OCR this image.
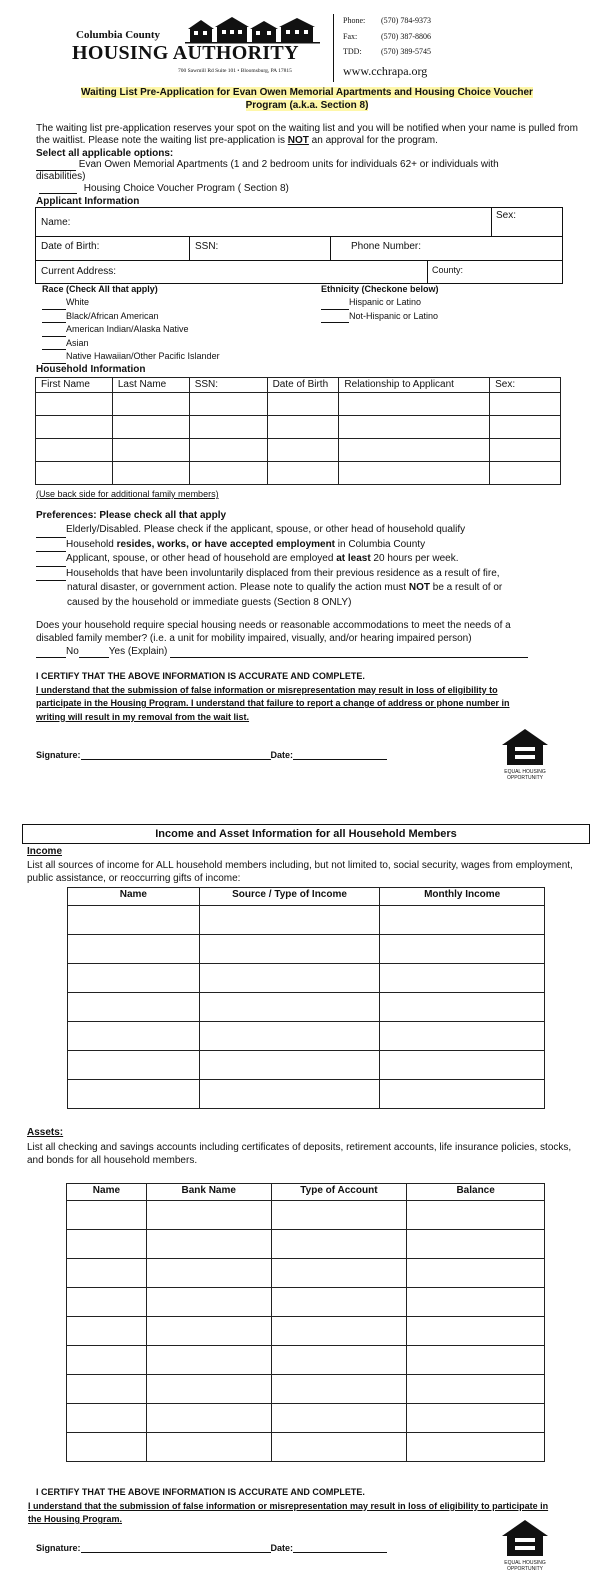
Columbia County
HOUSING AUTHORITY
700 Sawmill Rd Suite 101 • Bloomsburg, PA 17815
Phone: (570) 784-9373
Fax:	(570) 387-8806
TDD: (570) 389-5745
www.cchrapa.org
Waiting List Pre-Application for Evan Owen Memorial Apartments and Housing Choice Voucher
Program (a.k.a. Section 8)
The waiting list pre-application reserves your spot on the waiting list and you will be notified when your name is pulled from the waitlist. Please note the waiting list pre-application is NOT an approval for the program.
Select all applicable options:
Evan Owen Memorial Apartments (1 and 2 bedroom units for individuals 62+ or individuals with
disabilities)
Housing Choice Voucher Program ( Section 8)
Applicant Information
Name:
Sex:
Date of Birth:	SSN:	Phone Number:
Current Address:	County:
Race (Check All that apply)
White
Black/African American
American Indian/Alaska Native
Asian
Native Hawaiian/Other Pacific Islander
Ethnicity (Checkone below)
Hispanic or Latino
Not-Hispanic or Latino
Household Information
First Name	Last Name	SSN:	Date of Birth	Relationship to Applicant	Sex:

(Use back side for additional family members)
Preferences: Please check all that apply
Elderly/Disabled. Please check if the applicant, spouse, or other head of household qualify
Household resides, works, or have accepted employment in Columbia County
Applicant, spouse, or other head of household are employed at least 20 hours per week.
Households that have been involuntarily displaced from their previous residence as a result of fire,
natural disaster, or government action. Please note to qualify the action must NOT be a result of or
caused by the household or immediate guests (Section 8 ONLY)
Does your household require special housing needs or reasonable accommodations to meet the needs of a
disabled family member? (i.e. a unit for mobility impaired, visually, and/or hearing impaired person)
No	Yes (Explain)
I CERTIFY THAT THE ABOVE INFORMATION IS ACCURATE AND COMPLETE.
I understand that the submission of false information or misrepresentation may result in loss of eligibility to
participate in the Housing Program. I understand that failure to report a change of address or phone number in
writing will result in my removal from the wait list.
Signature:	Date:
EQUAL HOUSING OPPORTUNITY
Income and Asset Information for all Household Members
Income
List all sources of income for ALL household members including, but not limited to, social security, wages from employment, public assistance, or reoccurring gifts of income:
Name	Source / Type of Income	Monthly Income

Assets:
List all checking and savings accounts including certificates of deposits, retirement accounts, life insurance policies, stocks, and bonds for all household members.
Name	Bank Name	Type of Account	Balance

I CERTIFY THAT THE ABOVE INFORMATION IS ACCURATE AND COMPLETE.
I understand that the submission of false information or misrepresentation may result in loss of eligibility to participate in
the Housing Program.
Signature:	Date:
EQUAL HOUSING OPPORTUNITY
